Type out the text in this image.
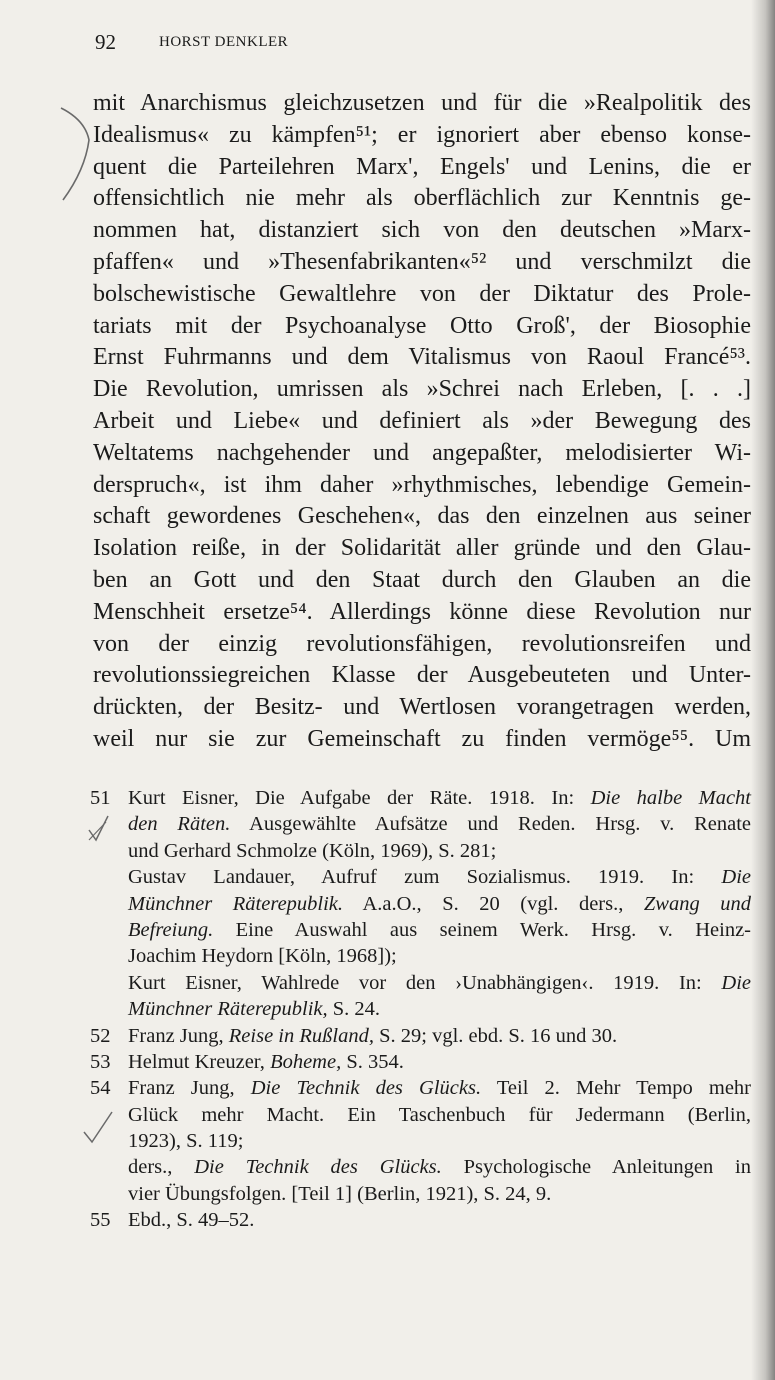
92	HORST DENKLER
mit Anarchismus gleichzusetzen und für die »Realpolitik des
Idealismus« zu kämpfen⁵¹; er ignoriert aber ebenso konse-
quent die Parteilehren Marx', Engels' und Lenins, die er
offensichtlich nie mehr als oberflächlich zur Kenntnis ge-
nommen hat, distanziert sich von den deutschen »Marx-
pfaffen« und »Thesenfabrikanten«⁵² und verschmilzt die
bolschewistische Gewaltlehre von der Diktatur des Prole-
tariats mit der Psychoanalyse Otto Groß', der Biosophie
Ernst Fuhrmanns und dem Vitalismus von Raoul Francé⁵³.
Die Revolution, umrissen als »Schrei nach Erleben, [. . .]
Arbeit und Liebe« und definiert als »der Bewegung des
Weltatems nachgehender und angepaßter, melodisierter Wi-
derspruch«, ist ihm daher »rhythmisches, lebendige Gemein-
schaft gewordenes Geschehen«, das den einzelnen aus seiner
Isolation reiße, in der Solidarität aller gründe und den Glau-
ben an Gott und den Staat durch den Glauben an die
Menschheit ersetze⁵⁴. Allerdings könne diese Revolution nur
von der einzig revolutionsfähigen, revolutionsreifen und
revolutionssiegreichen Klasse der Ausgebeuteten und Unter-
drückten, der Besitz- und Wertlosen vorangetragen werden,
weil nur sie zur Gemeinschaft zu finden vermöge⁵⁵. Um
51 Kurt Eisner, Die Aufgabe der Räte. 1918. In: Die halbe Macht
den Räten. Ausgewählte Aufsätze und Reden. Hrsg. v. Renate
und Gerhard Schmolze (Köln, 1969), S. 281;
Gustav Landauer, Aufruf zum Sozialismus. 1919. In: Die
Münchner Räterepublik. A.a.O., S. 20 (vgl. ders., Zwang und
Befreiung. Eine Auswahl aus seinem Werk. Hrsg. v. Heinz-
Joachim Heydorn [Köln, 1968]);
Kurt Eisner, Wahlrede vor den ›Unabhängigen‹. 1919. In: Die
Münchner Räterepublik, S. 24.
52 Franz Jung, Reise in Rußland, S. 29; vgl. ebd. S. 16 und 30.
53 Helmut Kreuzer, Boheme, S. 354.
54 Franz Jung, Die Technik des Glücks. Teil 2. Mehr Tempo mehr
Glück mehr Macht. Ein Taschenbuch für Jedermann (Berlin,
1923), S. 119;
ders., Die Technik des Glücks. Psychologische Anleitungen in
vier Übungsfolgen. [Teil 1] (Berlin, 1921), S. 24, 9.
55 Ebd., S. 49–52.
